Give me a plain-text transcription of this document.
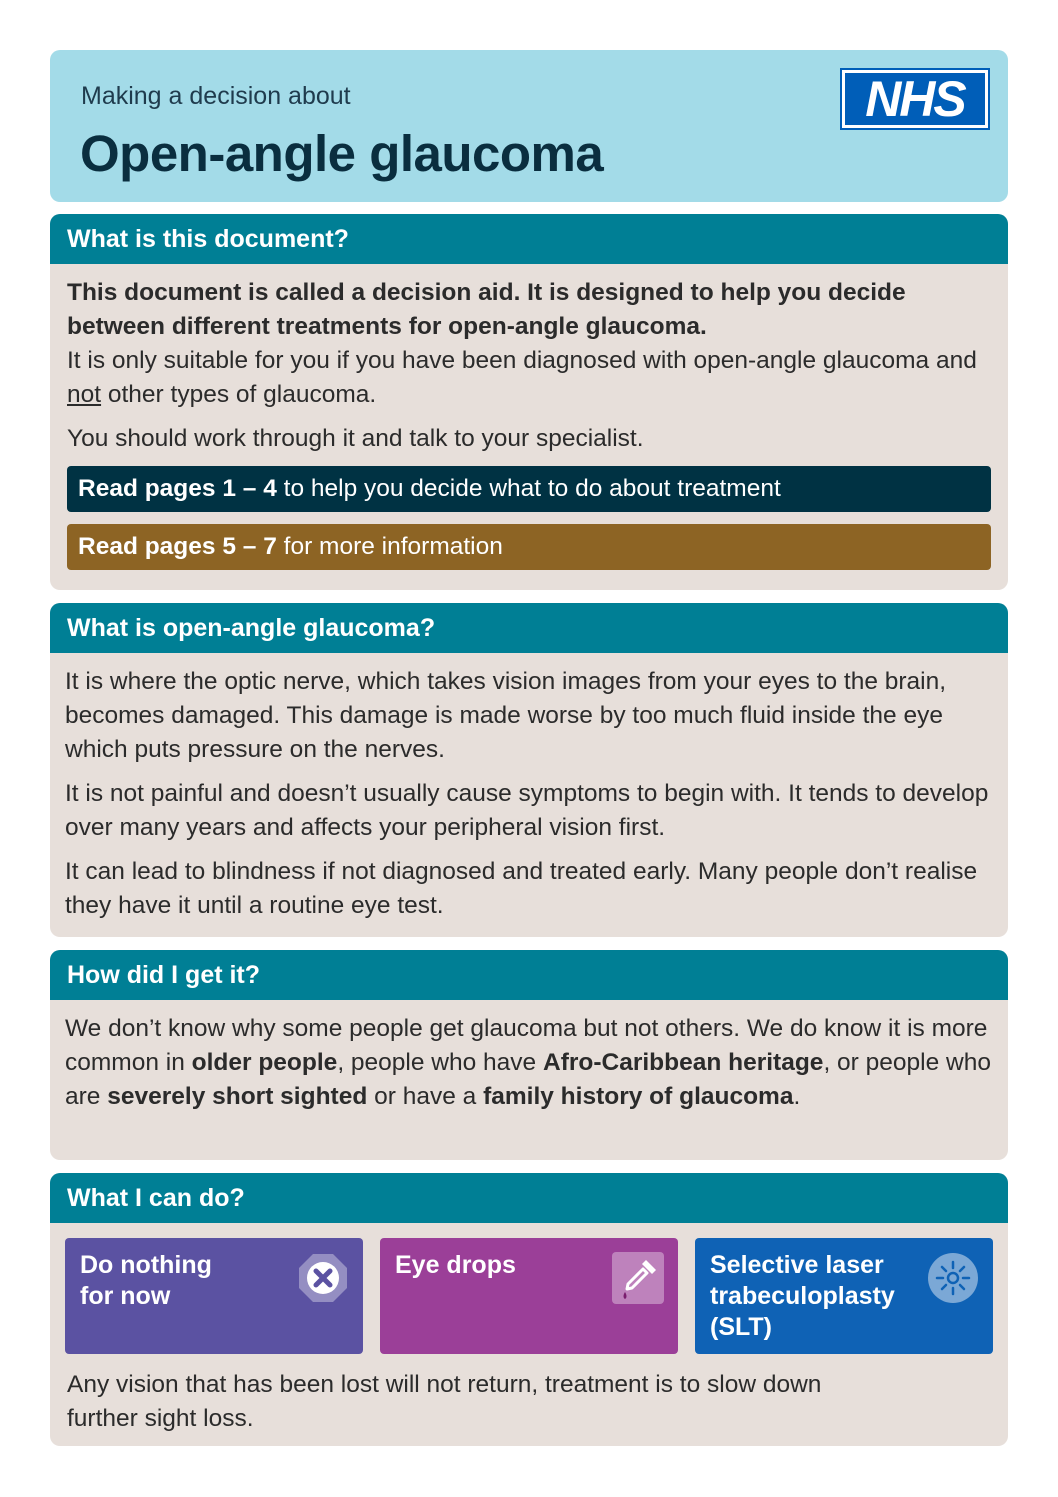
Making a decision about
Open-angle glaucoma
NHS
What is this document?

This document is called a decision aid. It is designed to help you decide between different treatments for open-angle glaucoma.

It is only suitable for you if you have been diagnosed with open-angle glaucoma and not other types of glaucoma.

You should work through it and talk to your specialist.

Read pages 1 – 4 to help you decide what to do about treatment
Read pages 5 – 7 for more information
What is open-angle glaucoma?

It is where the optic nerve, which takes vision images from your eyes to the brain, becomes damaged. This damage is made worse by too much fluid inside the eye which puts pressure on the nerves.

It is not painful and doesn’t usually cause symptoms to begin with. It tends to develop over many years and affects your peripheral vision first.

It can lead to blindness if not diagnosed and treated early. Many people don’t realise they have it until a routine eye test.

How did I get it?

We don’t know why some people get glaucoma but not others. We do know it is more common in older people, people who have Afro-Caribbean heritage, or people who are severely short sighted or have a family history of glaucoma.

What I can do?
Do nothing
for now
Eye drops	Selective laser
trabeculoplasty
(SLT)
Any vision that has been lost will not return, treatment is to slow down further sight loss.
